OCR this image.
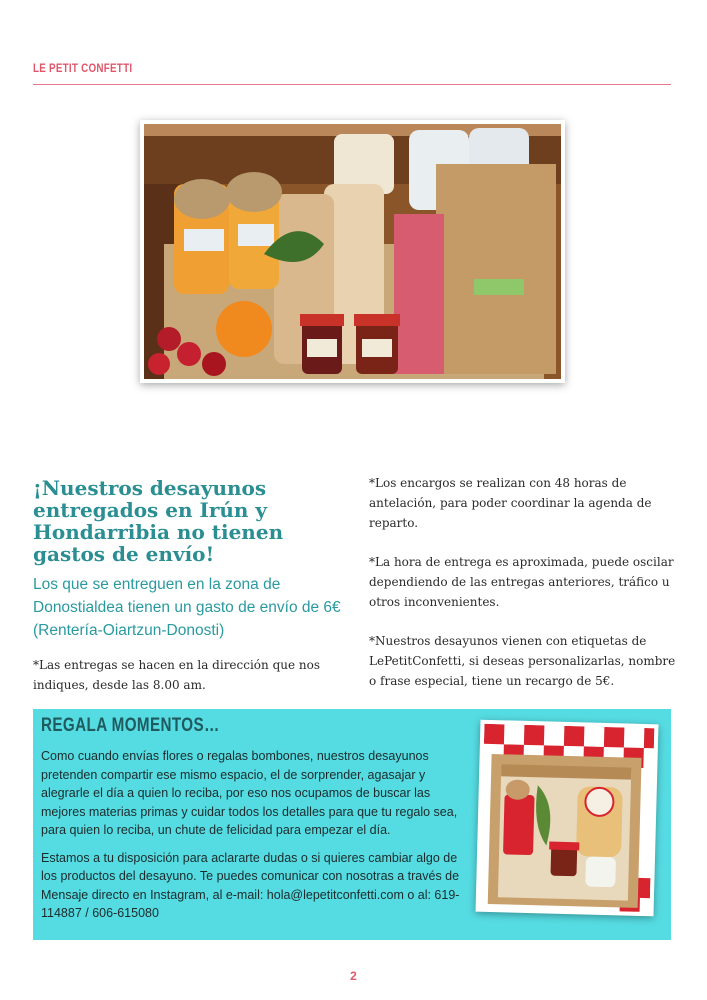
LE PETIT CONFETTI
¡Nuestros desayunos entregados en Irún y Hondarribia no tienen gastos de envío!
Los que se entreguen en la zona de Donostialdea tienen un gasto de envío de 6€ (Rentería-Oiartzun-Donosti)
*Las entregas se hacen en la dirección que nos indiques, desde las 8.00 am.

*Los encargos se realizan con 48 horas de antelación, para poder coordinar la agenda de reparto.

*La hora de entrega es aproximada, puede oscilar dependiendo de las entregas anteriores, tráfico u otros inconvenientes.

*Nuestros desayunos vienen con etiquetas de LePetitConfetti, si deseas personalizarlas, nombre o frase especial, tiene un recargo de 5€.

REGALA MOMENTOS…

Como cuando envías flores o regalas bombones, nuestros desayunos pretenden compartir ese mismo espacio, el de sorprender, agasajar y alegrarle el día a quien lo reciba, por eso nos ocupamos de buscar las mejores materias primas y cuidar todos los detalles para que tu regalo sea, para quien lo reciba, un chute de felicidad para empezar el día.

Estamos a tu disposición para aclararte dudas o si quieres cambiar algo de los productos del desayuno. Te puedes comunicar con nosotras a través de Mensaje directo en Instagram, al e-mail: hola@lepetitconfetti.com o al: 619-114887 / 606-615080

2
